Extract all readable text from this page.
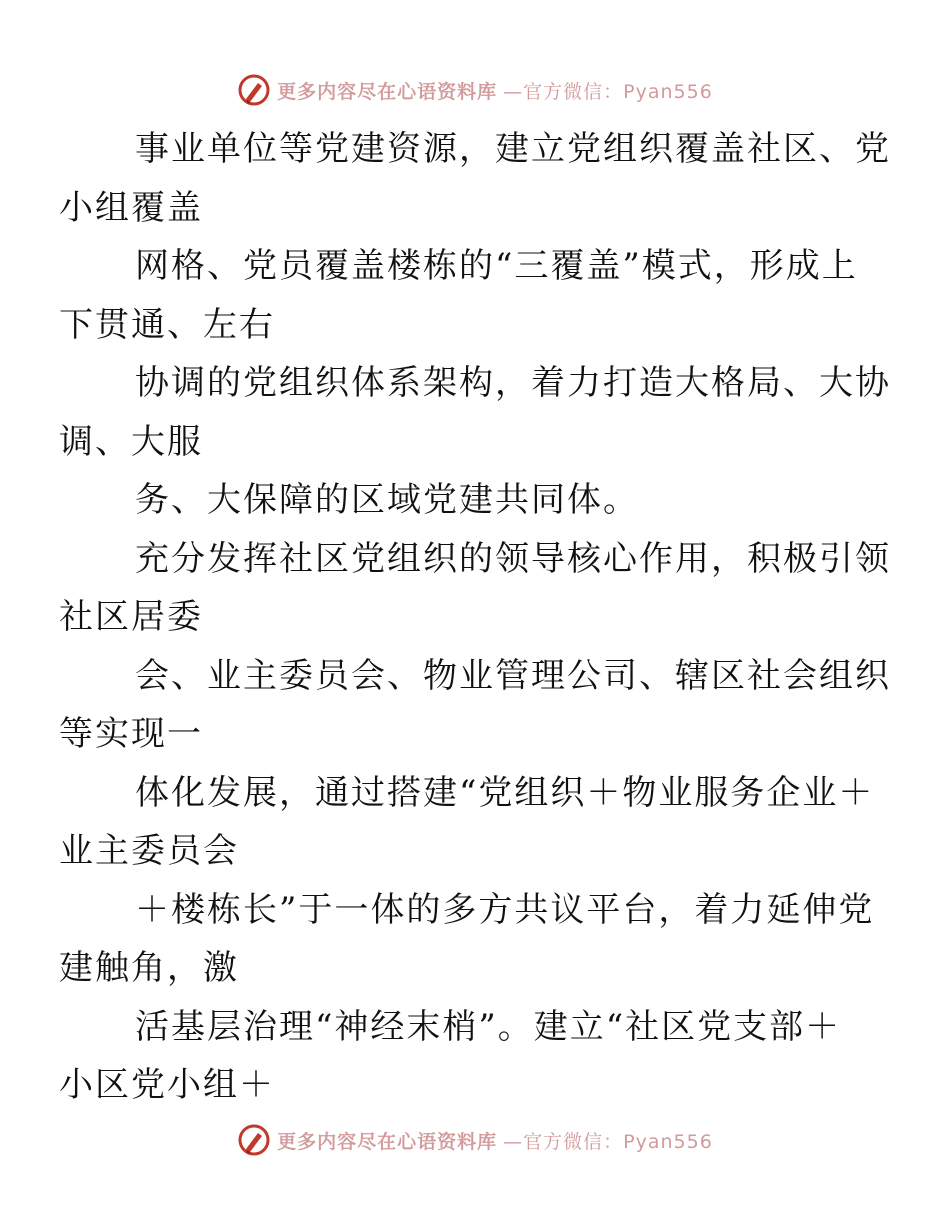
更多内容尽在心语资料库 —官方微信：Pyan556

事业单位等党建资源，建立党组织覆盖社区、党
小组覆盖

网格、党员覆盖楼栋的“三覆盖”模式，形成上
下贯通、左右

协调的党组织体系架构，着力打造大格局、大协
调、大服

务、大保障的区域党建共同体。

充分发挥社区党组织的领导核心作用，积极引领
社区居委

会、业主委员会、物业管理公司、辖区社会组织
等实现一

体化发展，通过搭建“党组织＋物业服务企业＋
业主委员会

＋楼栋长”于一体的多方共议平台，着力延伸党
建触角，激

活基层治理“神经末梢”。建立“社区党支部＋
小区党小组＋

更多内容尽在心语资料库 —官方微信：Pyan556
